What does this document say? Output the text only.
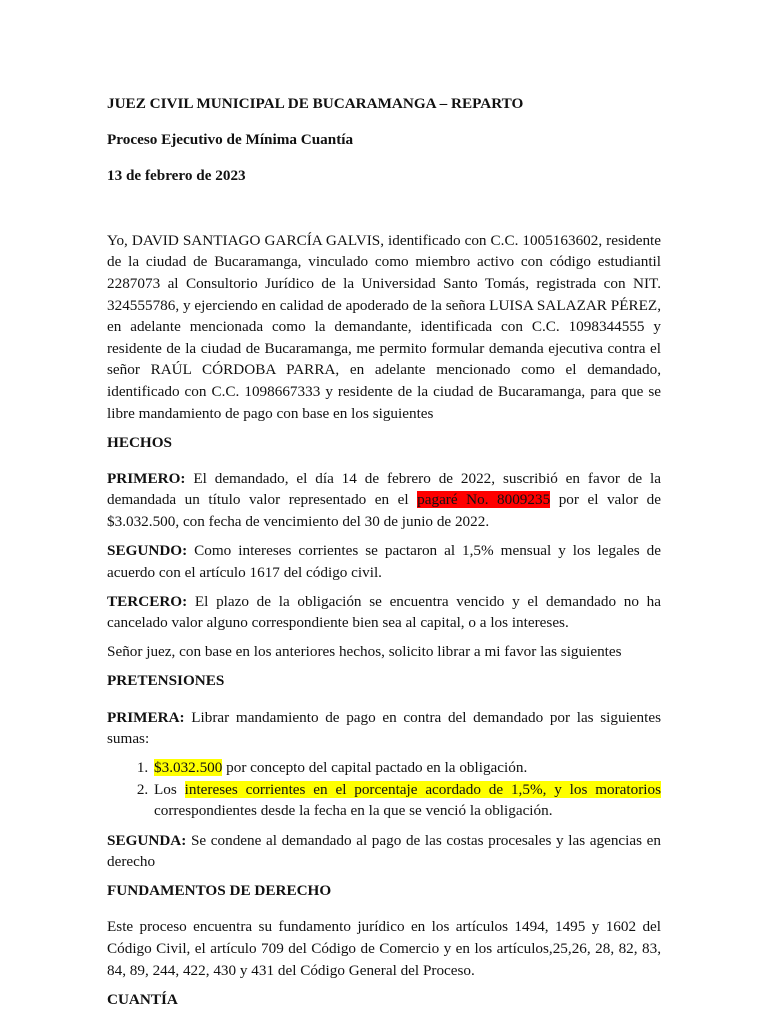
JUEZ CIVIL MUNICIPAL DE BUCARAMANGA – REPARTO

Proceso Ejecutivo de Mínima Cuantía

13 de febrero de 2023

Yo, DAVID SANTIAGO GARCÍA GALVIS, identificado con C.C. 1005163602, residente de la ciudad de Bucaramanga, vinculado como miembro activo con código estudiantil 2287073 al Consultorio Jurídico de la Universidad Santo Tomás, registrada con NIT. 324555786, y ejerciendo en calidad de apoderado de la señora LUISA SALAZAR PÉREZ, en adelante mencionada como la demandante, identificada con C.C. 1098344555 y residente de la ciudad de Bucaramanga, me permito formular demanda ejecutiva contra el señor RAÚL CÓRDOBA PARRA, en adelante mencionado como el demandado, identificado con C.C. 1098667333 y residente de la ciudad de Bucaramanga, para que se libre mandamiento de pago con base en los siguientes

HECHOS

PRIMERO: El demandado, el día 14 de febrero de 2022, suscribió en favor de la demandada un título valor representado en el pagaré No. 8009235 por el valor de $3.032.500, con fecha de vencimiento del 30 de junio de 2022.

SEGUNDO: Como intereses corrientes se pactaron al 1,5% mensual y los legales de acuerdo con el artículo 1617 del código civil.

TERCERO: El plazo de la obligación se encuentra vencido y el demandado no ha cancelado valor alguno correspondiente bien sea al capital, o a los intereses.

Señor juez, con base en los anteriores hechos, solicito librar a mi favor las siguientes

PRETENSIONES

PRIMERA: Librar mandamiento de pago en contra del demandado por las siguientes sumas:

1. $3.032.500 por concepto del capital pactado en la obligación.
2. Los intereses corrientes en el porcentaje acordado de 1,5%, y los moratorios correspondientes desde la fecha en la que se venció la obligación.

SEGUNDA: Se condene al demandado al pago de las costas procesales y las agencias en derecho

FUNDAMENTOS DE DERECHO

Este proceso encuentra su fundamento jurídico en los artículos 1494, 1495 y 1602 del Código Civil, el artículo 709 del Código de Comercio y en los artículos,25,26, 28, 82, 83, 84, 89, 244, 422, 430 y 431 del Código General del Proceso.

CUANTÍA
